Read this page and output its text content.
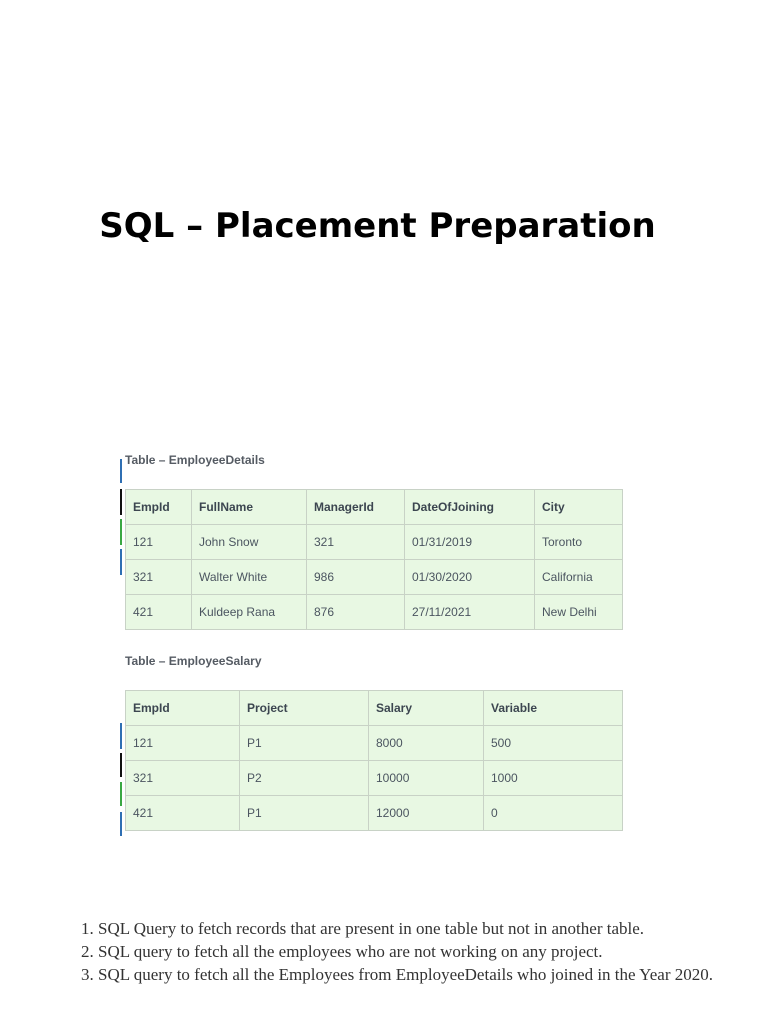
SQL – Placement Preparation
Table – EmployeeDetails
EmpId	FullName	ManagerId	DateOfJoining	City
121	John Snow	321	01/31/2019	Toronto
321	Walter White	986	01/30/2020	California
421	Kuldeep Rana	876	27/11/2021	New Delhi
Table – EmployeeSalary
EmpId	Project	Salary	Variable
121	P1	8000	500
321	P2	10000	1000
421	P1	12000	0
1. SQL Query to fetch records that are present in one table but not in another table.
2. SQL query to fetch all the employees who are not working on any project.
3. SQL query to fetch all the Employees from EmployeeDetails who joined in the Year 2020.
